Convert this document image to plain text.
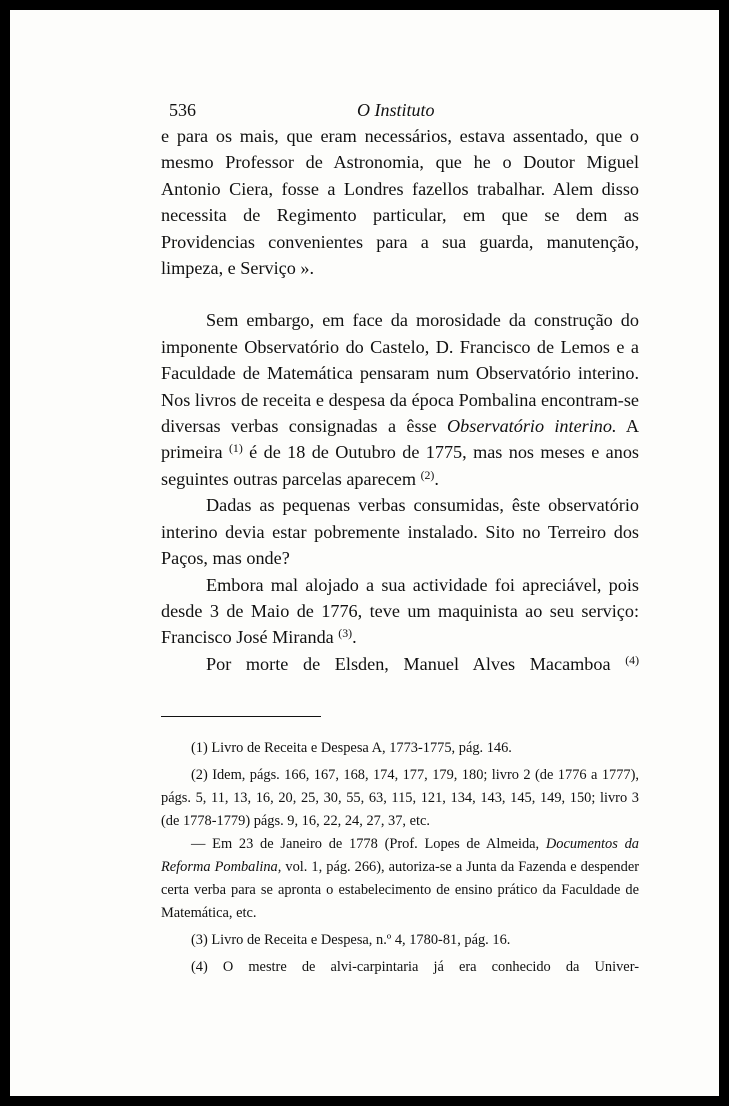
536	O Instituto

e para os mais, que eram necessários, estava assentado, que o mesmo Professor de Astronomia, que he o Doutor Miguel Antonio Ciera, fosse a Londres fazellos trabalhar. Alem disso necessita de Regimento particular, em que se dem as Providencias convenientes para a sua guarda, manutenção, limpeza, e Serviço ».

Sem embargo, em face da morosidade da construção do imponente Observatório do Castelo, D. Francisco de Lemos e a Faculdade de Matemática pensaram num Observatório interino. Nos livros de receita e despesa da época Pombalina encontram-se diversas verbas consignadas a êsse Observatório interino. A primeira $^{(1)}$ é de 18 de Outubro de 1775, mas nos meses e anos seguintes outras parcelas aparecem $^{(2)}$.

Dadas as pequenas verbas consumidas, êste observatório interino devia estar pobremente instalado. Sito no Terreiro dos Paços, mas onde?

Embora mal alojado a sua actividade foi apreciável, pois desde 3 de Maio de 1776, teve um maquinista ao seu serviço: Francisco José Miranda $^{(3)}$.

Por morte de Elsden, Manuel Alves Macamboa $^{(4)}$

(1) Livro de Receita e Despesa A, 1773-1775, pág. 146.

(2) Idem, págs. 166, 167, 168, 174, 177, 179, 180; livro 2 (de 1776 a 1777), págs. 5, 11, 13, 16, 20, 25, 30, 55, 63, 115, 121, 134, 143, 145, 149, 150; livro 3 (de 1778-1779) págs. 9, 16, 22, 24, 27, 37, etc.

— Em 23 de Janeiro de 1778 (Prof. Lopes de Almeida, Documentos da Reforma Pombalina, vol. 1, pág. 266), autoriza-se a Junta da Fazenda e despender certa verba para se apronta o estabelecimento de ensino prático da Faculdade de Matemática, etc.

(3) Livro de Receita e Despesa, n.º 4, 1780-81, pág. 16.

(4) O mestre de alvi-carpintaria já era conhecido da Univer-
